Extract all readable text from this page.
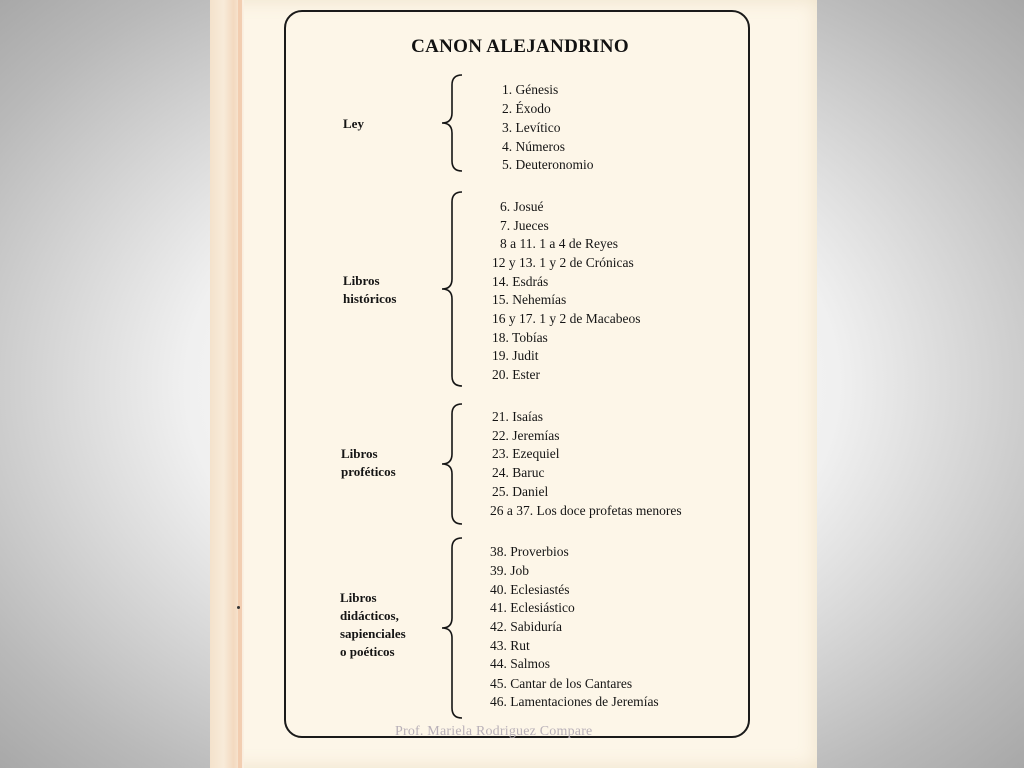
CANON ALEJANDRINO
Ley
1. Génesis
2. Éxodo
3. Levítico
4. Números
5. Deuteronomio
Libros
históricos
6. Josué
7. Jueces
8 a 11. 1 a 4 de Reyes
12 y 13. 1 y 2 de Crónicas
14. Esdrás
15. Nehemías
16 y 17. 1 y 2 de Macabeos
18. Tobías
19. Judit
20. Ester
Libros
proféticos
21. Isaías
22. Jeremías
23. Ezequiel
24. Baruc
25. Daniel
26 a 37. Los doce profetas menores
Libros
didácticos,
sapienciales
o poéticos
38. Proverbios
39. Job
40. Eclesiastés
41. Eclesiástico
42. Sabiduría
43. Rut
44. Salmos
45. Cantar de los Cantares
46. Lamentaciones de Jeremías
Prof. Mariela Rodriguez Compare
